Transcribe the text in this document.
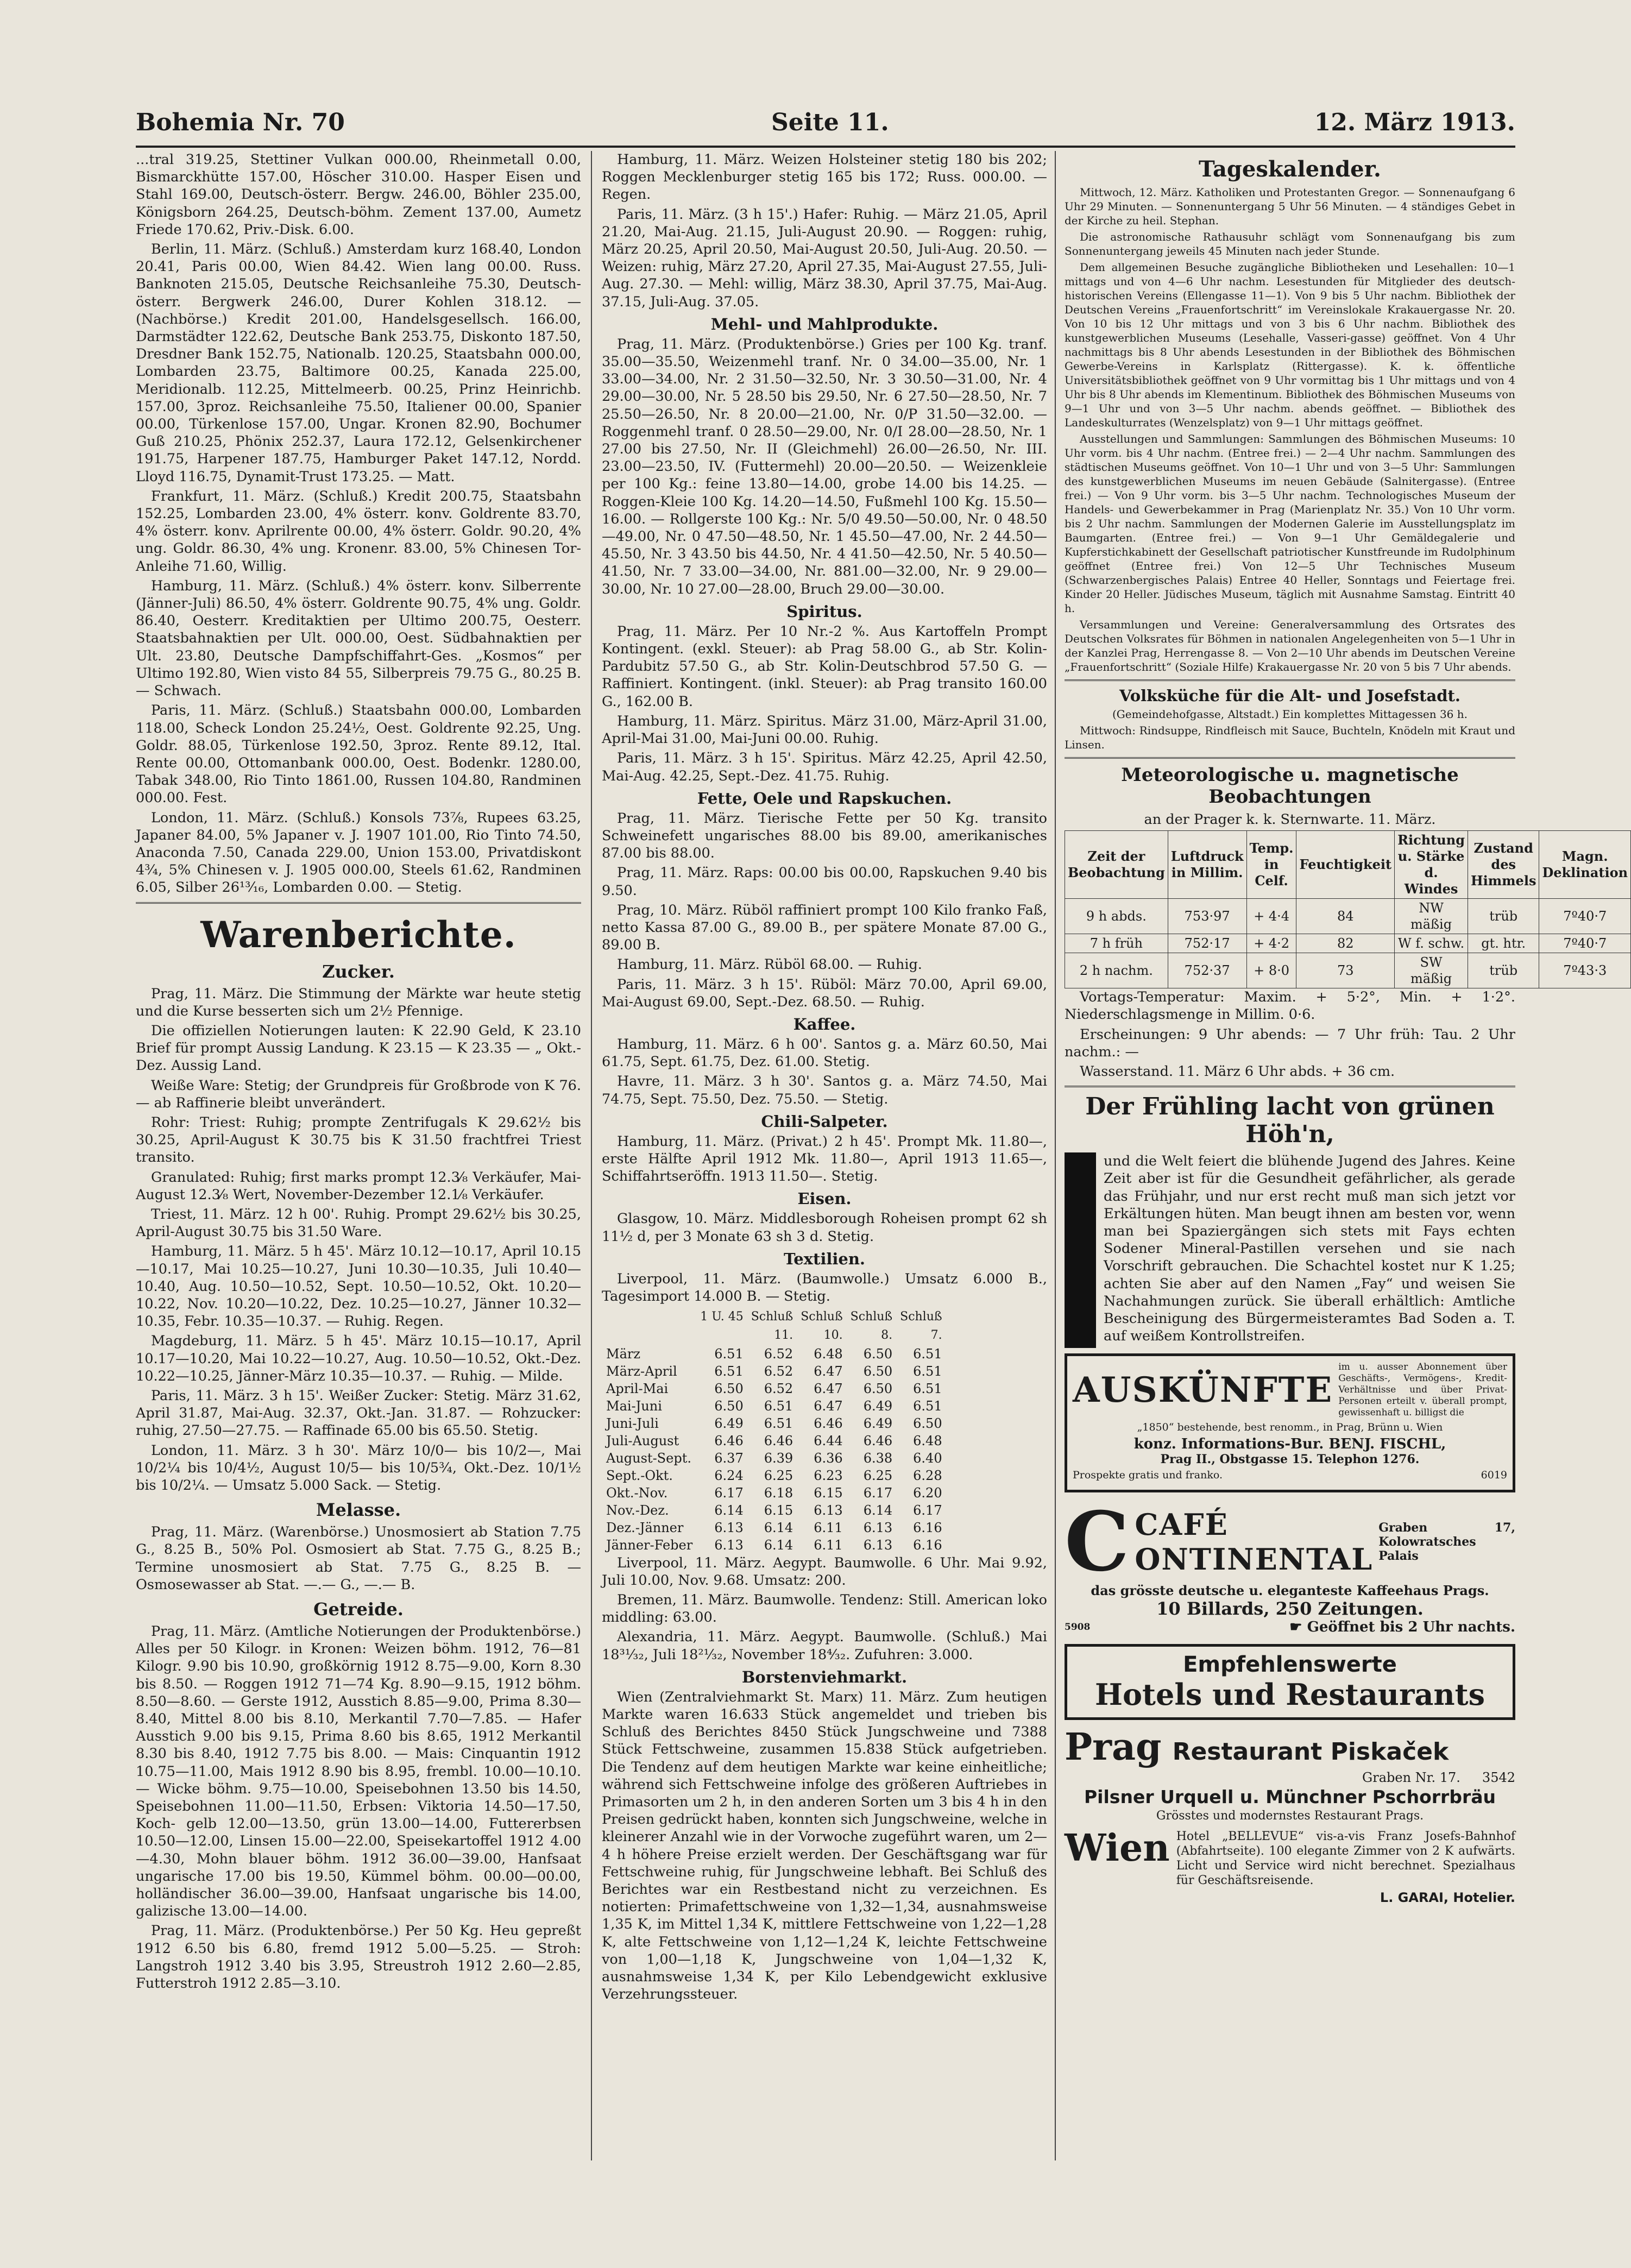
Bohemia Nr. 70	Seite 11.	12. März 1913.

...tral 319.25, Stettiner Vulkan 000.00, Rheinmetall 0.00, Bismarckhütte 157.00, Höscher 310.00. Hasper Eisen und Stahl 169.00, Deutsch-österr. Bergw. 246.00, Böhler 235.00, Königsborn 264.25, Deutsch-böhm. Zement 137.00, Aumetz Friede 170.62, Priv.-Disk. 6.00.

Berlin, 11. März. (Schluß.) Amsterdam kurz 168.40, London 20.41, Paris 00.00, Wien 84.42. Wien lang 00.00. Russ. Banknoten 215.05, Deutsche Reichsanleihe 75.30, Deutsch-österr. Bergwerk 246.00, Durer Kohlen 318.12. — (Nachbörse.) Kredit 201.00, Handelsgesellsch. 166.00, Darmstädter 122.62, Deutsche Bank 253.75, Diskonto 187.50, Dresdner Bank 152.75, Nationalb. 120.25, Staatsbahn 000.00, Lombarden 23.75, Baltimore 00.25, Kanada 225.00, Meridionalb. 112.25, Mittelmeerb. 00.25, Prinz Heinrichb. 157.00, 3proz. Reichsanleihe 75.50, Italiener 00.00, Spanier 00.00, Türkenlose 157.00, Ungar. Kronen 82.90, Bochumer Guß 210.25, Phönix 252.37, Laura 172.12, Gelsenkirchener 191.75, Harpener 187.75, Hamburger Paket 147.12, Nordd. Lloyd 116.75, Dynamit-Trust 173.25. — Matt.

Frankfurt, 11. März. (Schluß.) Kredit 200.75, Staatsbahn 152.25, Lombarden 23.00, 4% österr. konv. Goldrente 83.70, 4% österr. konv. Aprilrente 00.00, 4% österr. Goldr. 90.20, 4% ung. Goldr. 86.30, 4% ung. Kronenr. 83.00, 5% Chinesen Tor-Anleihe 71.60, Willig.

Hamburg, 11. März. (Schluß.) 4% österr. konv. Silberrente (Jänner-Juli) 86.50, 4% österr. Goldrente 90.75, 4% ung. Goldr. 86.40, Oesterr. Kreditaktien per Ultimo 200.75, Oesterr. Staatsbahnaktien per Ult. 000.00, Oest. Südbahnaktien per Ult. 23.80, Deutsche Dampfschiffahrt-Ges. „Kosmos“ per Ultimo 192.80, Wien visto 84 55, Silberpreis 79.75 G., 80.25 B. — Schwach.

Paris, 11. März. (Schluß.) Staatsbahn 000.00, Lombarden 118.00, Scheck London 25.24½, Oest. Goldrente 92.25, Ung. Goldr. 88.05, Türkenlose 192.50, 3proz. Rente 89.12, Ital. Rente 00.00, Ottomanbank 000.00, Oest. Bodenkr. 1280.00, Tabak 348.00, Rio Tinto 1861.00, Russen 104.80, Randminen 000.00. Fest.

London, 11. März. (Schluß.) Konsols 73⅞, Rupees 63.25, Japaner 84.00, 5% Japaner v. J. 1907 101.00, Rio Tinto 74.50, Anaconda 7.50, Canada 229.00, Union 153.00, Privatdiskont 4¾, 5% Chinesen v. J. 1905 000.00, Steels 61.62, Randminen 6.05, Silber 26¹³⁄₁₆, Lombarden 0.00. — Stetig.

Warenberichte.
Zucker.

Prag, 11. März. Die Stimmung der Märkte war heute stetig und die Kurse besserten sich um 2½ Pfennige.

Die offiziellen Notierungen lauten: K 22.90 Geld, K 23.10 Brief für prompt Aussig Landung. K 23.15 — K 23.35 — „ Okt.-Dez. Aussig Land.

Weiße Ware: Stetig; der Grundpreis für Großbrode von K 76.— ab Raffinerie bleibt unverändert.

Rohr: Triest: Ruhig; prompte Zentrifugals K 29.62½ bis 30.25, April-August K 30.75 bis K 31.50 frachtfrei Triest transito.

Granulated: Ruhig; first marks prompt 12.3⁄₈ Verkäufer, Mai-August 12.3⁄₈ Wert, November-Dezember 12.1⁄₈ Verkäufer.

Triest, 11. März. 12 h 00'. Ruhig. Prompt 29.62½ bis 30.25, April-August 30.75 bis 31.50 Ware.

Hamburg, 11. März. 5 h 45'. März 10.12—10.17, April 10.15—10.17, Mai 10.25—10.27, Juni 10.30—10.35, Juli 10.40—10.40, Aug. 10.50—10.52, Sept. 10.50—10.52, Okt. 10.20—10.22, Nov. 10.20—10.22, Dez. 10.25—10.27, Jänner 10.32—10.35, Febr. 10.35—10.37. — Ruhig. Regen.

Magdeburg, 11. März. 5 h 45'. März 10.15—10.17, April 10.17—10.20, Mai 10.22—10.27, Aug. 10.50—10.52, Okt.-Dez. 10.22—10.25, Jänner-März 10.35—10.37. — Ruhig. — Milde.

Paris, 11. März. 3 h 15'. Weißer Zucker: Stetig. März 31.62, April 31.87, Mai-Aug. 32.37, Okt.-Jan. 31.87. — Rohzucker: ruhig, 27.50—27.75. — Raffinade 65.00 bis 65.50. Stetig.

London, 11. März. 3 h 30'. März 10/0— bis 10/2—, Mai 10/2¼ bis 10/4½, August 10/5— bis 10/5¾, Okt.-Dez. 10/1½ bis 10/2¼. — Umsatz 5.000 Sack. — Stetig.

Melasse.

Prag, 11. März. (Warenbörse.) Unosmosiert ab Station 7.75 G., 8.25 B., 50% Pol. Osmosiert ab Stat. 7.75 G., 8.25 B.; Termine unosmosiert ab Stat. 7.75 G., 8.25 B. — Osmosewasser ab Stat. —.— G., —.— B.

Getreide.

Prag, 11. März. (Amtliche Notierungen der Produktenbörse.) Alles per 50 Kilogr. in Kronen: Weizen böhm. 1912, 76—81 Kilogr. 9.90 bis 10.90, großkörnig 1912 8.75—9.00, Korn 8.30 bis 8.50. — Roggen 1912 71—74 Kg. 8.90—9.15, 1912 böhm. 8.50—8.60. — Gerste 1912, Ausstich 8.85—9.00, Prima 8.30—8.40, Mittel 8.00 bis 8.10, Merkantil 7.70—7.85. — Hafer Ausstich 9.00 bis 9.15, Prima 8.60 bis 8.65, 1912 Merkantil 8.30 bis 8.40, 1912 7.75 bis 8.00. — Mais: Cinquantin 1912 10.75—11.00, Mais 1912 8.90 bis 8.95, frembl. 10.00—10.10. — Wicke böhm. 9.75—10.00, Speisebohnen 13.50 bis 14.50, Speisebohnen 11.00—11.50, Erbsen: Viktoria 14.50—17.50, Koch- gelb 12.00—13.50, grün 13.00—14.00, Futtererbsen 10.50—12.00, Linsen 15.00—22.00, Speisekartoffel 1912 4.00—4.30, Mohn blauer böhm. 1912 36.00—39.00, Hanfsaat ungarische 17.00 bis 19.50, Kümmel böhm. 00.00—00.00, holländischer 36.00—39.00, Hanfsaat ungarische bis 14.00, galizische 13.00—14.00.

Prag, 11. März. (Produktenbörse.) Per 50 Kg. Heu gepreßt 1912 6.50 bis 6.80, fremd 1912 5.00—5.25. — Stroh: Langstroh 1912 3.40 bis 3.95, Streustroh 1912 2.60—2.85, Futterstroh 1912 2.85—3.10.

Hamburg, 11. März. Weizen Holsteiner stetig 180 bis 202; Roggen Mecklenburger stetig 165 bis 172; Russ. 000.00. — Regen.

Paris, 11. März. (3 h 15'.) Hafer: Ruhig. — März 21.05, April 21.20, Mai-Aug. 21.15, Juli-August 20.90. — Roggen: ruhig, März 20.25, April 20.50, Mai-August 20.50, Juli-Aug. 20.50. — Weizen: ruhig, März 27.20, April 27.35, Mai-August 27.55, Juli-Aug. 27.30. — Mehl: willig, März 38.30, April 37.75, Mai-Aug. 37.15, Juli-Aug. 37.05.

Mehl- und Mahlprodukte.

Prag, 11. März. (Produktenbörse.) Gries per 100 Kg. tranf. 35.00—35.50, Weizenmehl tranf. Nr. 0 34.00—35.00, Nr. 1 33.00—34.00, Nr. 2 31.50—32.50, Nr. 3 30.50—31.00, Nr. 4 29.00—30.00, Nr. 5 28.50 bis 29.50, Nr. 6 27.50—28.50, Nr. 7 25.50—26.50, Nr. 8 20.00—21.00, Nr. 0/P 31.50—32.00. — Roggenmehl tranf. 0 28.50—29.00, Nr. 0/I 28.00—28.50, Nr. 1 27.00 bis 27.50, Nr. II (Gleichmehl) 26.00—26.50, Nr. III. 23.00—23.50, IV. (Futtermehl) 20.00—20.50. — Weizenkleie per 100 Kg.: feine 13.80—14.00, grobe 14.00 bis 14.25. — Roggen-Kleie 100 Kg. 14.20—14.50, Fußmehl 100 Kg. 15.50—16.00. — Rollgerste 100 Kg.: Nr. 5/0 49.50—50.00, Nr. 0 48.50—49.00, Nr. 0 47.50—48.50, Nr. 1 45.50—47.00, Nr. 2 44.50—45.50, Nr. 3 43.50 bis 44.50, Nr. 4 41.50—42.50, Nr. 5 40.50—41.50, Nr. 7 33.00—34.00, Nr. 881.00—32.00, Nr. 9 29.00—30.00, Nr. 10 27.00—28.00, Bruch 29.00—30.00.

Spiritus.

Prag, 11. März. Per 10 Nr.-2 %. Aus Kartoffeln Prompt Kontingent. (exkl. Steuer): ab Prag 58.00 G., ab Str. Kolin-Pardubitz 57.50 G., ab Str. Kolin-Deutschbrod 57.50 G. — Raffiniert. Kontingent. (inkl. Steuer): ab Prag transito 160.00 G., 162.00 B.

Hamburg, 11. März. Spiritus. März 31.00, März-April 31.00, April-Mai 31.00, Mai-Juni 00.00. Ruhig.

Paris, 11. März. 3 h 15'. Spiritus. März 42.25, April 42.50, Mai-Aug. 42.25, Sept.-Dez. 41.75. Ruhig.

Fette, Oele und Rapskuchen.

Prag, 11. März. Tierische Fette per 50 Kg. transito Schweinefett ungarisches 88.00 bis 89.00, amerikanisches 87.00 bis 88.00.

Prag, 11. März. Raps: 00.00 bis 00.00, Rapskuchen 9.40 bis 9.50.

Prag, 10. März. Rüböl raffiniert prompt 100 Kilo franko Faß, netto Kassa 87.00 G., 89.00 B., per spätere Monate 87.00 G., 89.00 B.

Hamburg, 11. März. Rüböl 68.00. — Ruhig.

Paris, 11. März. 3 h 15'. Rüböl: März 70.00, April 69.00, Mai-August 69.00, Sept.-Dez. 68.50. — Ruhig.

Kaffee.

Hamburg, 11. März. 6 h 00'. Santos g. a. März 60.50, Mai 61.75, Sept. 61.75, Dez. 61.00. Stetig.

Havre, 11. März. 3 h 30'. Santos g. a. März 74.50, Mai 74.75, Sept. 75.50, Dez. 75.50. — Stetig.

Chili-Salpeter.

Hamburg, 11. März. (Privat.) 2 h 45'. Prompt Mk. 11.80—, erste Hälfte April 1912 Mk. 11.80—, April 1913 11.65—, Schiffahrtseröffn. 1913 11.50—. Stetig.

Eisen.

Glasgow, 10. März. Middlesborough Roheisen prompt 62 sh 11½ d, per 3 Monate 63 sh 3 d. Stetig.

Textilien.

Liverpool, 11. März. (Baumwolle.) Umsatz 6.000 B., Tagesimport 14.000 B. — Stetig.

	1 U. 45	Schluß	Schluß	Schluß	Schluß
		11.	10.	8.	7.
März	6.51	6.52	6.48	6.50	6.51
März-April	6.51	6.52	6.47	6.50	6.51
April-Mai	6.50	6.52	6.47	6.50	6.51
Mai-Juni	6.50	6.51	6.47	6.49	6.51
Juni-Juli	6.49	6.51	6.46	6.49	6.50
Juli-August	6.46	6.46	6.44	6.46	6.48
August-Sept.	6.37	6.39	6.36	6.38	6.40
Sept.-Okt.	6.24	6.25	6.23	6.25	6.28
Okt.-Nov.	6.17	6.18	6.15	6.17	6.20
Nov.-Dez.	6.14	6.15	6.13	6.14	6.17
Dez.-Jänner	6.13	6.14	6.11	6.13	6.16
Jänner-Feber	6.13	6.14	6.11	6.13	6.16

Liverpool, 11. März. Aegypt. Baumwolle. 6 Uhr. Mai 9.92, Juli 10.00, Nov. 9.68. Umsatz: 200.

Bremen, 11. März. Baumwolle. Tendenz: Still. American loko middling: 63.00.

Alexandria, 11. März. Aegypt. Baumwolle. (Schluß.) Mai 18³¹⁄₃₂, Juli 18²¹⁄₃₂, November 18⁴⁄₃₂. Zufuhren: 3.000.

Borstenviehmarkt.

Wien (Zentralviehmarkt St. Marx) 11. März. Zum heutigen Markte waren 16.633 Stück angemeldet und trieben bis Schluß des Berichtes 8450 Stück Jungschweine und 7388 Stück Fettschweine, zusammen 15.838 Stück aufgetrieben. Die Tendenz auf dem heutigen Markte war keine einheitliche; während sich Fettschweine infolge des größeren Auftriebes in Primasorten um 2 h, in den anderen Sorten um 3 bis 4 h in den Preisen gedrückt haben, konnten sich Jungschweine, welche in kleinerer Anzahl wie in der Vorwoche zugeführt waren, um 2—4 h höhere Preise erzielt werden. Der Geschäftsgang war für Fettschweine ruhig, für Jungschweine lebhaft. Bei Schluß des Berichtes war ein Restbestand nicht zu verzeichnen. Es notierten: Primafettschweine von 1,32—1,34, ausnahmsweise 1,35 K, im Mittel 1,34 K, mittlere Fettschweine von 1,22—1,28 K, alte Fettschweine von 1,12—1,24 K, leichte Fettschweine von 1,00—1,18 K, Jungschweine von 1,04—1,32 K, ausnahmsweise 1,34 K, per Kilo Lebendgewicht exklusive Verzehrungssteuer.

Tageskalender.

Mittwoch, 12. März. Katholiken und Protestanten Gregor. — Sonnenaufgang 6 Uhr 29 Minuten. — Sonnenuntergang 5 Uhr 56 Minuten. — 4 ständiges Gebet in der Kirche zu heil. Stephan.

Die astronomische Rathausuhr schlägt vom Sonnenaufgang bis zum Sonnenuntergang jeweils 45 Minuten nach jeder Stunde.

Dem allgemeinen Besuche zugängliche Bibliotheken und Lesehallen: 10—1 mittags und von 4—6 Uhr nachm. Lesestunden für Mitglieder des deutsch-historischen Vereins (Ellengasse 11—1). Von 9 bis 5 Uhr nachm. Bibliothek der Deutschen Vereins „Frauenfortschritt“ im Vereinslokale Krakauergasse Nr. 20. Von 10 bis 12 Uhr mittags und von 3 bis 6 Uhr nachm. Bibliothek des kunstgewerblichen Museums (Lesehalle, Vasseri-gasse) geöffnet. Von 4 Uhr nachmittags bis 8 Uhr abends Lesestunden in der Bibliothek des Böhmischen Gewerbe-Vereins in Karlsplatz (Rittergasse). K. k. öffentliche Universitätsbibliothek geöffnet von 9 Uhr vormittag bis 1 Uhr mittags und von 4 Uhr bis 8 Uhr abends im Klementinum. Bibliothek des Böhmischen Museums von 9—1 Uhr und von 3—5 Uhr nachm. abends geöffnet. — Bibliothek des Landeskulturrates (Wenzelsplatz) von 9—1 Uhr mittags geöffnet.

Ausstellungen und Sammlungen: Sammlungen des Böhmischen Museums: 10 Uhr vorm. bis 4 Uhr nachm. (Entree frei.) — 2—4 Uhr nachm. Sammlungen des städtischen Museums geöffnet. Von 10—1 Uhr und von 3—5 Uhr: Sammlungen des kunstgewerblichen Museums im neuen Gebäude (Salnitergasse). (Entree frei.) — Von 9 Uhr vorm. bis 3—5 Uhr nachm. Technologisches Museum der Handels- und Gewerbekammer in Prag (Marienplatz Nr. 35.) Von 10 Uhr vorm. bis 2 Uhr nachm. Sammlungen der Modernen Galerie im Ausstellungsplatz im Baumgarten. (Entree frei.) — Von 9—1 Uhr Gemäldegalerie und Kupferstichkabinett der Gesellschaft patriotischer Kunstfreunde im Rudolphinum geöffnet (Entree frei.) Von 12—5 Uhr Technisches Museum (Schwarzenbergisches Palais) Entree 40 Heller, Sonntags und Feiertage frei. Kinder 20 Heller. Jüdisches Museum, täglich mit Ausnahme Samstag. Eintritt 40 h.

Versammlungen und Vereine: Generalversammlung des Ortsrates des Deutschen Volksrates für Böhmen in nationalen Angelegenheiten von 5—1 Uhr in der Kanzlei Prag, Herrengasse 8. — Von 2—10 Uhr abends im Deutschen Vereine „Frauenfortschritt“ (Soziale Hilfe) Krakauergasse Nr. 20 von 5 bis 7 Uhr abends.

Volksküche für die Alt- und Josefstadt.

(Gemeindehofgasse, Altstadt.) Ein komplettes Mittagessen 36 h.

Mittwoch: Rindsuppe, Rindfleisch mit Sauce, Buchteln, Knödeln mit Kraut und Linsen.

Meteorologische u. magnetische Beobachtungen

an der Prager k. k. Sternwarte. 11. März.

Zeit der Beobachtung	Luftdruck in Millim.	Temp. in Celf.	Feuchtigkeit	Richtung u. Stärke d. Windes	Zustand des Himmels	Magn. Deklination
9 h abds.	753·97	+ 4·4	84	NW mäßig	trüb	7º40·7
7 h früh	752·17	+ 4·2	82	W f. schw.	gt. htr.	7º40·7
2 h nachm.	752·37	+ 8·0	73	SW mäßig	trüb	7º43·3

Vortags-Temperatur: Maxim. + 5·2°, Min. + 1·2°. Niederschlagsmenge in Millim. 0·6.

Erscheinungen: 9 Uhr abends: — 7 Uhr früh: Tau. 2 Uhr nachm.: —

Wasserstand. 11. März 6 Uhr abds. + 36 cm.

Der Frühling lacht von grünen Höh'n,

und die Welt feiert die blühende Jugend des Jahres. Keine Zeit aber ist für die Gesundheit gefährlicher, als gerade das Frühjahr, und nur erst recht muß man sich jetzt vor Erkältungen hüten. Man beugt ihnen am besten vor, wenn man bei Spaziergängen sich stets mit Fays echten Sodener Mineral-Pastillen versehen und sie nach Vorschrift gebrauchen. Die Schachtel kostet nur K 1.25; achten Sie aber auf den Namen „Fay“ und weisen Sie Nachahmungen zurück. Sie überall erhältlich: Amtliche Bescheinigung des Bürgermeisteramtes Bad Soden a. T. auf weißem Kontrollstreifen.

AUSKÜNFTE
im u. ausser Abonnement über Geschäfts-, Vermögens-, Kredit-Verhältnisse und über Privat-Personen erteilt v. überall prompt, gewissenhaft u. billigst die
„1850“ bestehende, best renomm., in Prag, Brünn u. Wien
konz. Informations-Bur. BENJ. FISCHL,
Prag II., Obstgasse 15. Telephon 1276.
Prospekte gratis und franko.	6019
C CAFÉ
ONTINENTAL
Graben 17, Kolowratsches Palais
das grösste deutsche u. eleganteste Kaffeehaus Prags.
10 Billards, 250 Zeitungen.
5908	☛ Geöffnet bis 2 Uhr nachts.
Empfehlenswerte
Hotels und Restaurants
Prag Restaurant Piskaček
Graben Nr. 17. 3542
Pilsner Urquell u. Münchner Pschorrbräu
Grösstes und modernstes Restaurant Prags.
Wien Hotel „BELLEVUE“ vis-a-vis Franz Josefs-Bahnhof (Abfahrtseite). 100 elegante Zimmer von 2 K aufwärts. Licht und Service wird nicht berechnet. Spezialhaus für Geschäftsreisende.

L. GARAI, Hotelier.
